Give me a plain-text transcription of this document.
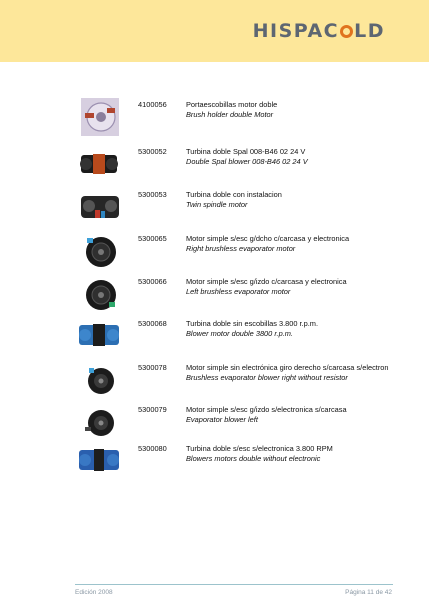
HISPAC LD
4100056	Portaescobillas motor doble
Brush holder double Motor
5300052	Turbina doble Spal 008-B46 02 24 V
Double Spal blower 008-B46 02 24 V
5300053	Turbina doble con instalacion
Twin spindle motor
5300065	Motor simple s/esc g/dcho c/carcasa y electronica
Right brushless evaporator motor
5300066	Motor simple s/esc g/izdo c/carcasa y electronica
Left brushless evaporator motor
5300068	Turbina doble sin escobillas 3.800 r.p.m.
Blower motor double 3800 r.p.m.
5300078	Motor simple sin electrónica giro derecho s/carcasa s/electron
Brushless evaporator blower right without resistor
5300079	Motor simple s/esc g/izdo s/electronica s/carcasa
Evaporator blower left
5300080	Turbina doble s/esc s/electronica 3.800 RPM
Blowers motors double without electronic
Edición 2008	Página 11 de 42
